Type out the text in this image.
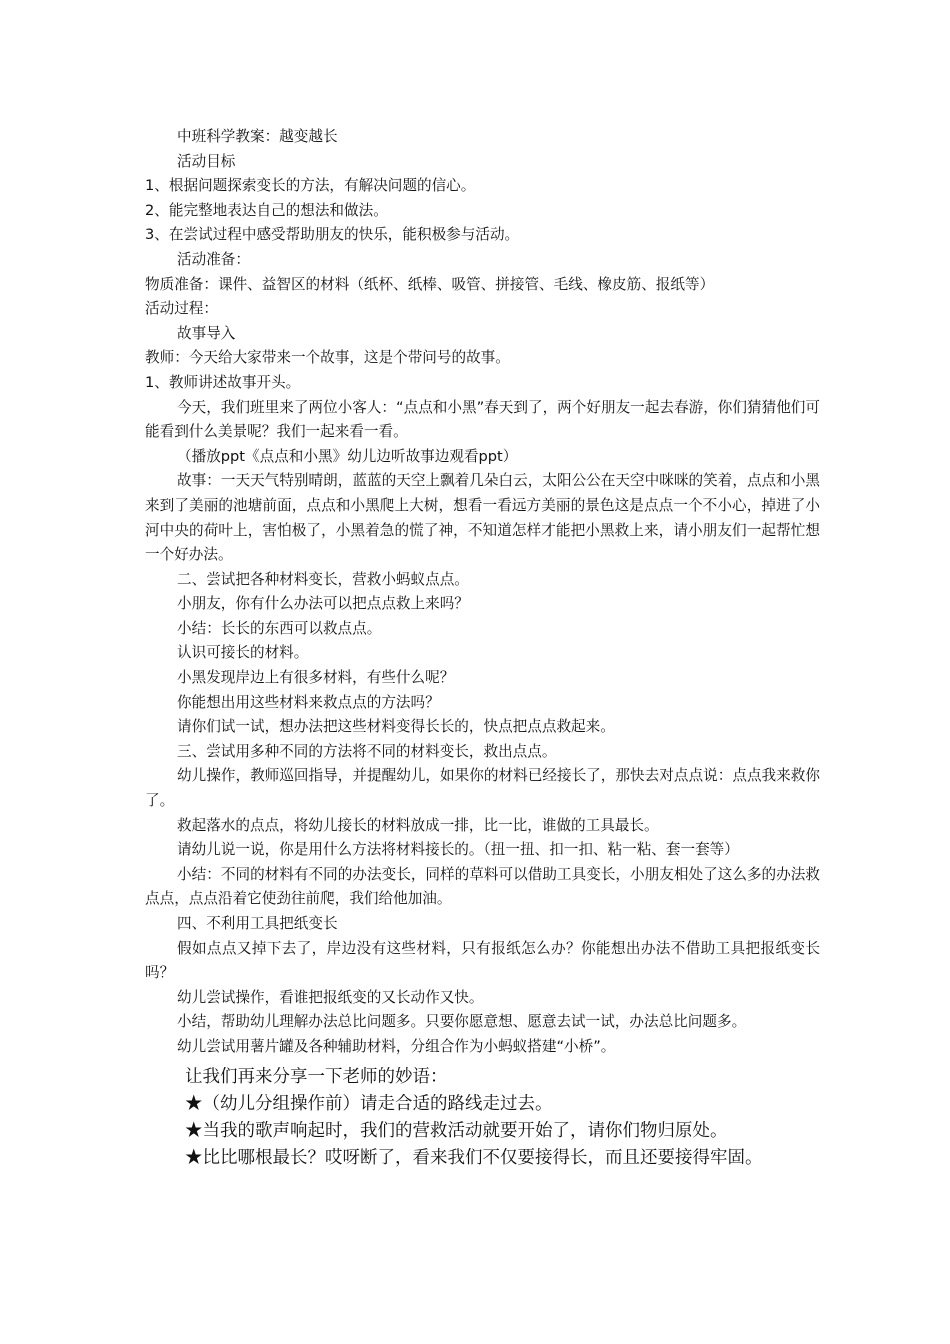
中班科学教案：越变越长

活动目标

1、根据问题探索变长的方法，有解决问题的信心。

2、能完整地表达自己的想法和做法。

3、在尝试过程中感受帮助朋友的快乐，能积极参与活动。

活动准备：

物质准备：课件、益智区的材料（纸杯、纸棒、吸管、拼接管、毛线、橡皮筋、报纸等）

活动过程：

故事导入

教师：今天给大家带来一个故事，这是个带问号的故事。

1、教师讲述故事开头。

今天，我们班里来了两位小客人：“点点和小黑”春天到了，两个好朋友一起去春游，你们猜猜他们可能看到什么美景呢？我们一起来看一看。

（播放ppt《点点和小黑》幼儿边听故事边观看ppt）

故事：一天天气特别晴朗，蓝蓝的天空上飘着几朵白云，太阳公公在天空中咪咪的笑着，点点和小黑来到了美丽的池塘前面，点点和小黑爬上大树，想看一看远方美丽的景色这是点点一个不小心，掉进了小河中央的荷叶上，害怕极了，小黑着急的慌了神，不知道怎样才能把小黑救上来，请小朋友们一起帮忙想一个好办法。

二、尝试把各种材料变长，营救小蚂蚁点点。

小朋友，你有什么办法可以把点点救上来吗？

小结：长长的东西可以救点点。

认识可接长的材料。

小黑发现岸边上有很多材料，有些什么呢？

你能想出用这些材料来救点点的方法吗？

请你们试一试，想办法把这些材料变得长长的，快点把点点救起来。

三、尝试用多种不同的方法将不同的材料变长，救出点点。

幼儿操作，教师巡回指导，并提醒幼儿，如果你的材料已经接长了，那快去对点点说：点点我来救你了。

救起落水的点点，将幼儿接长的材料放成一排，比一比，谁做的工具最长。

请幼儿说一说，你是用什么方法将材料接长的。（扭一扭、扣一扣、粘一粘、套一套等）

小结：不同的材料有不同的办法变长，同样的草料可以借助工具变长，小朋友相处了这么多的办法救点点，点点沿着它使劲往前爬，我们给他加油。

四、不利用工具把纸变长

假如点点又掉下去了，岸边没有这些材料，只有报纸怎么办？你能想出办法不借助工具把报纸变长吗？

幼儿尝试操作，看谁把报纸变的又长动作又快。

小结，帮助幼儿理解办法总比问题多。只要你愿意想、愿意去试一试，办法总比问题多。

幼儿尝试用薯片罐及各种辅助材料，分组合作为小蚂蚁搭建“小桥”。

让我们再来分享一下老师的妙语：

★（幼儿分组操作前）请走合适的路线走过去。

★当我的歌声响起时，我们的营救活动就要开始了，请你们物归原处。

★比比哪根最长？哎呀断了，看来我们不仅要接得长，而且还要接得牢固。
